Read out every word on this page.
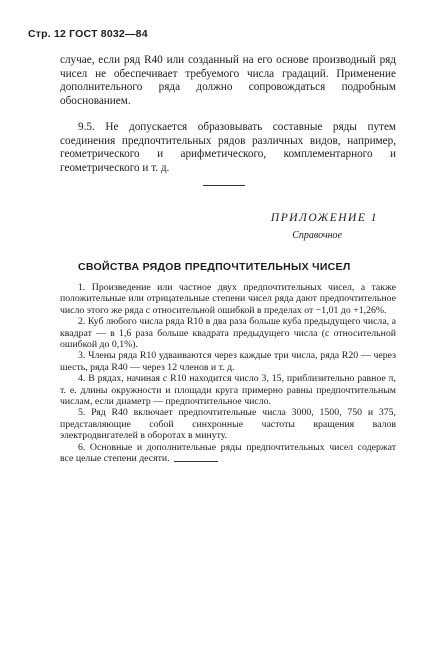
Стр. 12 ГОСТ 8032—84

случае, если ряд R40 или созданный на его основе производный ряд чисел не обеспечивает требуемого числа градаций. Применение дополнительного ряда должно сопровождаться подробным обоснованием.

9.5. Не допускается образовывать составные ряды путем соединения предпочтительных рядов различных видов, например, геометрического и арифметического, комплементарного и геометрического и т. д.

ПРИЛОЖЕНИЕ 1
Справочное
СВОЙСТВА РЯДОВ ПРЕДПОЧТИТЕЛЬНЫХ ЧИСЕЛ

1. Произведение или частное двух предпочтительных чисел, а также положительные или отрицательные степени чисел ряда дают предпочтительное число этого же ряда с относительной ошибкой в пределах от −1,01 до +1,26%.

2. Куб любого числа ряда R10 в два раза больше куба предыдущего числа, а квадрат — в 1,6 раза больше квадрата предыдущего числа (с относительной ошибкой до 0,1%).

3. Члены ряда R10 удваиваются через каждые три числа, ряда R20 — через шесть, ряда R40 — через 12 членов и т. д.

4. В рядах, начиная с R10 находится число 3, 15, приблизительно равное π, т. е. длины окружности и площади круга примерно равны предпочтительным числам, если диаметр — предпочтительное число.

5. Ряд R40 включает предпочтительные числа 3000, 1500, 750 и 375, представляющие собой синхронные частоты вращения валов электродвигателей в оборотах в минуту.

6. Основные и дополнительные ряды предпочтительных чисел содержат все целые степени десяти.
